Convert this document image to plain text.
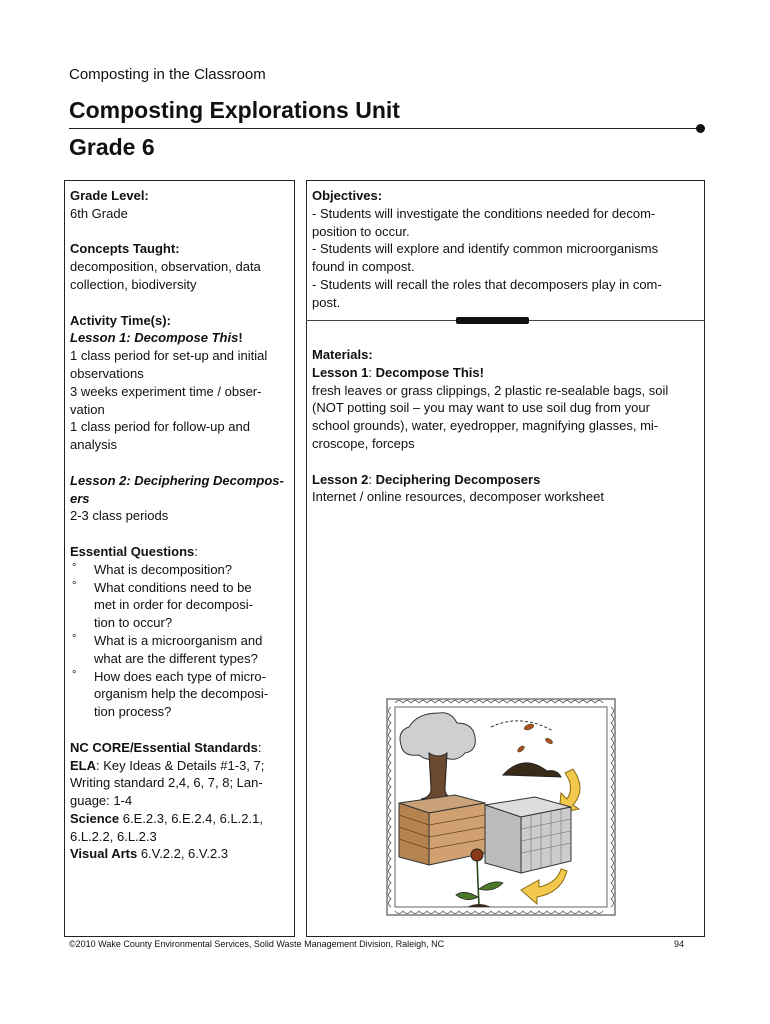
Composting in the Classroom
Composting Explorations Unit
Grade 6

Grade Level:

6th Grade

Concepts Taught:

decomposition, observation, data

collection, biodiversity

Activity Time(s):

Lesson 1: Decompose This!

1 class period for set-up and initial

observations

3 weeks experiment time / obser-

vation

1 class period for follow-up and

analysis

Lesson 2: Deciphering Decompos-

ers

2-3 class periods

Essential Questions:

° What is decomposition?
° What conditions need to be
met in order for decomposi-
tion to occur?
° What is a microorganism and
what are the different types?
° How does each type of micro-
organism help the decomposi-
tion process?

NC CORE/Essential Standards:

ELA: Key Ideas & Details #1-3, 7;

Writing standard 2,4, 6, 7, 8; Lan-

guage: 1-4

Science 6.E.2.3, 6.E.2.4, 6.L.2.1,

6.L.2.2, 6.L.2.3

Visual Arts 6.V.2.2, 6.V.2.3

Objectives:

- Students will investigate the conditions needed for decom-

position to occur.

- Students will explore and identify common microorganisms

found in compost.

- Students will recall the roles that decomposers play in com-

post.

Materials:

Lesson 1: Decompose This!

fresh leaves or grass clippings, 2 plastic re-sealable bags, soil

(NOT potting soil – you may want to use soil dug from your

school grounds), water, eyedropper, magnifying glasses, mi-

croscope, forceps

Lesson 2: Deciphering Decomposers

Internet / online resources, decomposer worksheet

©2010 Wake County Environmental Services, Solid Waste Management Division, Raleigh, NC	94
